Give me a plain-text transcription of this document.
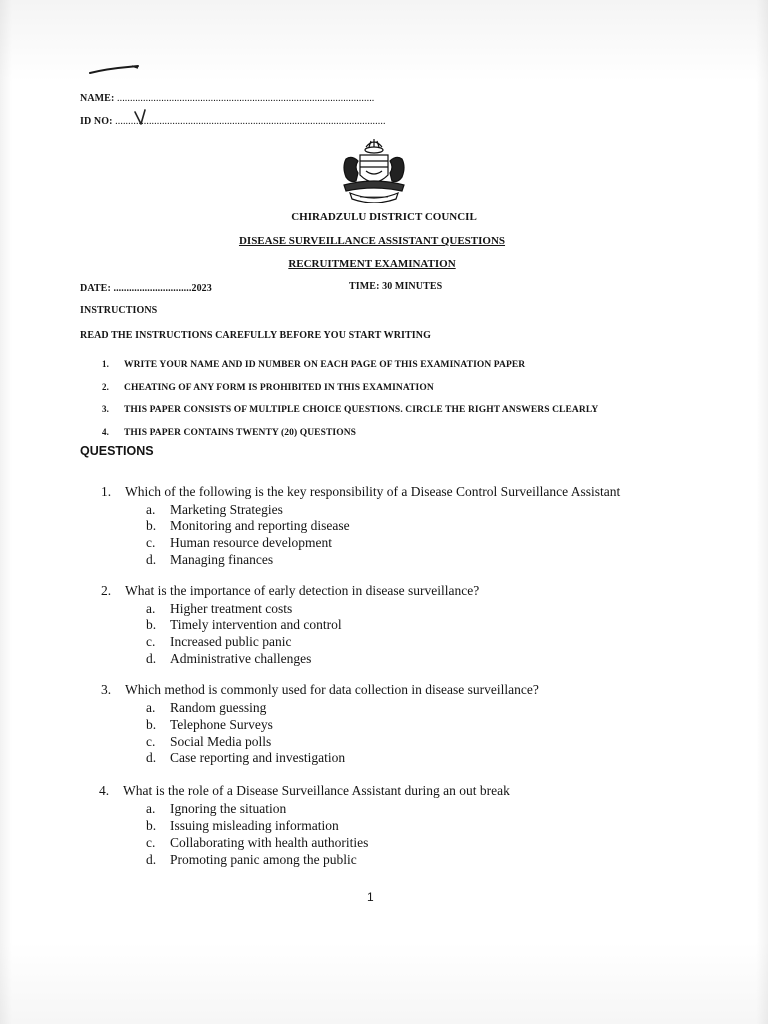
NAME: ...................................................................................................
ID NO: ........................................................................................................
CHIRADZULU DISTRICT COUNCIL
DISEASE SURVEILLANCE ASSISTANT QUESTIONS
RECRUITMENT EXAMINATION
DATE: ..............................2023	TIME: 30 MINUTES
INSTRUCTIONS
READ THE INSTRUCTIONS CAREFULLY BEFORE YOU START WRITING
1. WRITE YOUR NAME AND ID NUMBER ON EACH PAGE OF THIS EXAMINATION PAPER
2. CHEATING OF ANY FORM IS PROHIBITED IN THIS EXAMINATION
3. THIS PAPER CONSISTS OF MULTIPLE CHOICE QUESTIONS. CIRCLE THE RIGHT ANSWERS CLEARLY
4. THIS PAPER CONTAINS TWENTY (20) QUESTIONS
QUESTIONS
1. Which of the following is the key responsibility of a Disease Control Surveillance Assistant
a. Marketing Strategies
b. Monitoring and reporting disease
c. Human resource development
d. Managing finances
2. What is the importance of early detection in disease surveillance?
a. Higher treatment costs
b. Timely intervention and control
c. Increased public panic
d. Administrative challenges
3. Which method is commonly used for data collection in disease surveillance?
a. Random guessing
b. Telephone Surveys
c. Social Media polls
d. Case reporting and investigation
4. What is the role of a Disease Surveillance Assistant during an out break
a. Ignoring the situation
b. Issuing misleading information
c. Collaborating with health authorities
d. Promoting panic among the public
1
